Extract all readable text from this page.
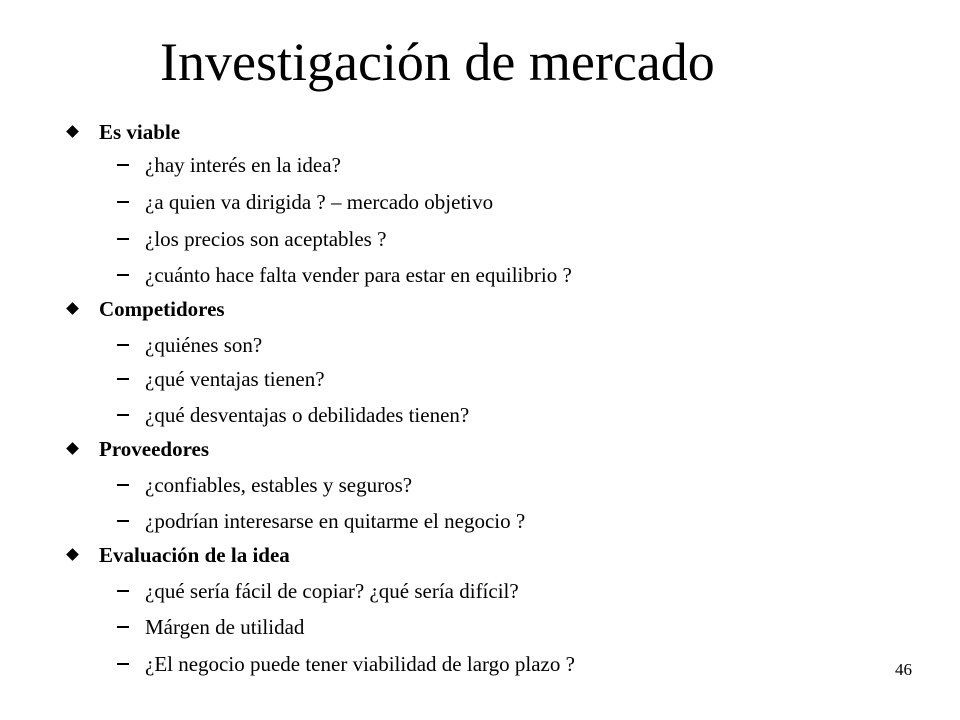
Investigación de mercado
Es viable
¿hay interés en la idea?
¿a quien va dirigida ? – mercado objetivo
¿los precios son aceptables ?
¿cuánto hace falta vender para estar en equilibrio ?
Competidores
¿quiénes son?
¿qué ventajas tienen?
¿qué desventajas o debilidades tienen?
Proveedores
¿confiables, estables y seguros?
¿podrían interesarse en quitarme el negocio ?
Evaluación de la idea
¿qué sería fácil de copiar? ¿qué sería difícil?
Márgen de utilidad
¿El negocio puede tener viabilidad de largo plazo ?	46
